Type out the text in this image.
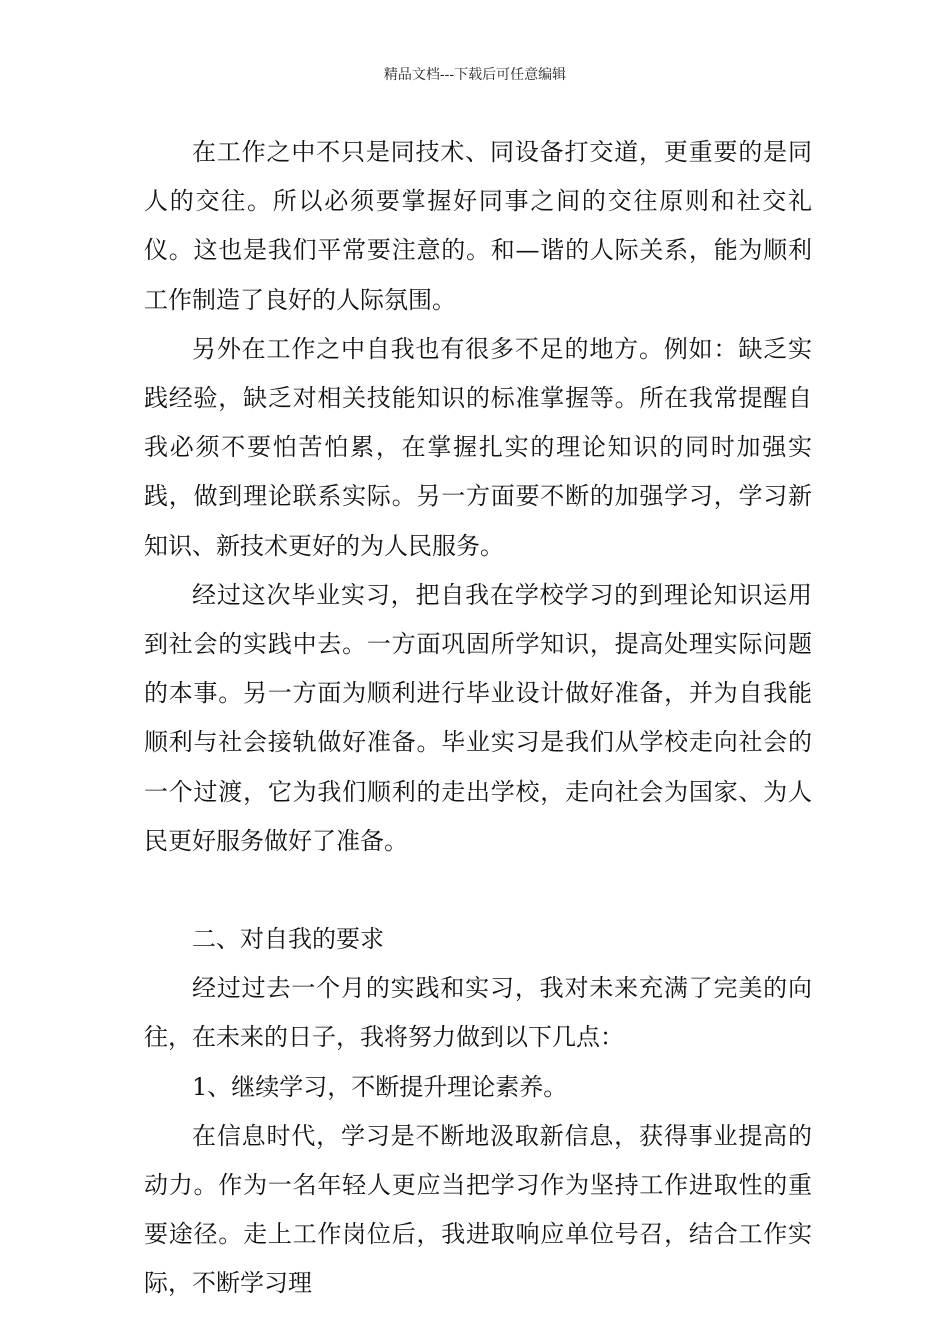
精品文档---下载后可任意编辑

在工作之中不只是同技术、同设备打交道，更重要的是同人的交往。所以必须要掌握好同事之间的交往原则和社交礼仪。这也是我们平常要注意的。和—谐的人际关系，能为顺利工作制造了良好的人际氛围。

另外在工作之中自我也有很多不足的地方。例如：缺乏实践经验，缺乏对相关技能知识的标准掌握等。所在我常提醒自我必须不要怕苦怕累，在掌握扎实的理论知识的同时加强实践，做到理论联系实际。另一方面要不断的加强学习，学习新知识、新技术更好的为人民服务。

经过这次毕业实习，把自我在学校学习的到理论知识运用到社会的实践中去。一方面巩固所学知识，提高处理实际问题的本事。另一方面为顺利进行毕业设计做好准备，并为自我能顺利与社会接轨做好准备。毕业实习是我们从学校走向社会的一个过渡，它为我们顺利的走出学校，走向社会为国家、为人民更好服务做好了准备。

二、对自我的要求

经过过去一个月的实践和实习，我对未来充满了完美的向往，在未来的日子，我将努力做到以下几点：

1、继续学习，不断提升理论素养。

在信息时代，学习是不断地汲取新信息，获得事业提高的动力。作为一名年轻人更应当把学习作为坚持工作进取性的重要途径。走上工作岗位后，我进取响应单位号召，结合工作实际，不断学习理
